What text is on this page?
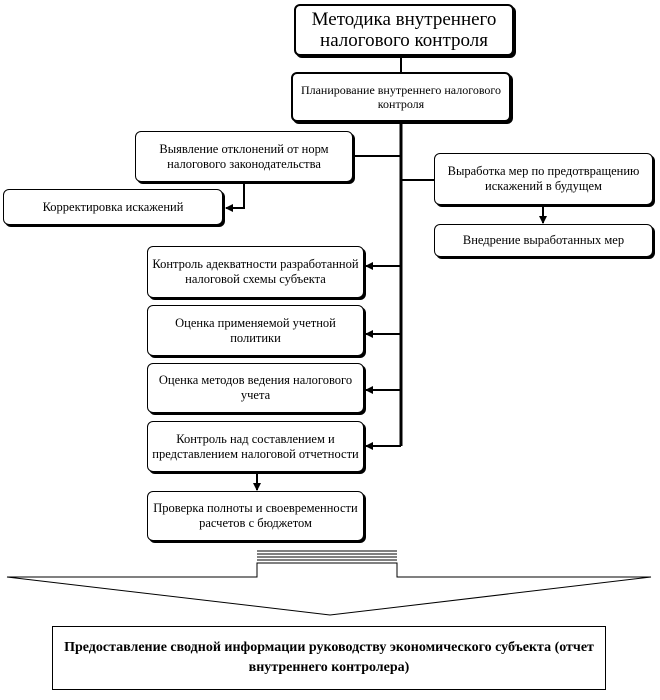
Методика внутреннего налогового контроля
Планирование внутреннего налогового контроля
Выявление отклонений от норм налогового законодательства
Корректировка искажений
Выработка мер по предотвращению искажений в будущем
Внедрение выработанных мер
Контроль адекватности разработанной налоговой схемы субъекта
Оценка применяемой учетной политики
Оценка методов ведения налогового учета
Контроль над составлением и представлением налоговой отчетности
Проверка полноты и своевременности расчетов с бюджетом
Предоставление сводной информации руководству экономического субъекта (отчет внутреннего контролера)
